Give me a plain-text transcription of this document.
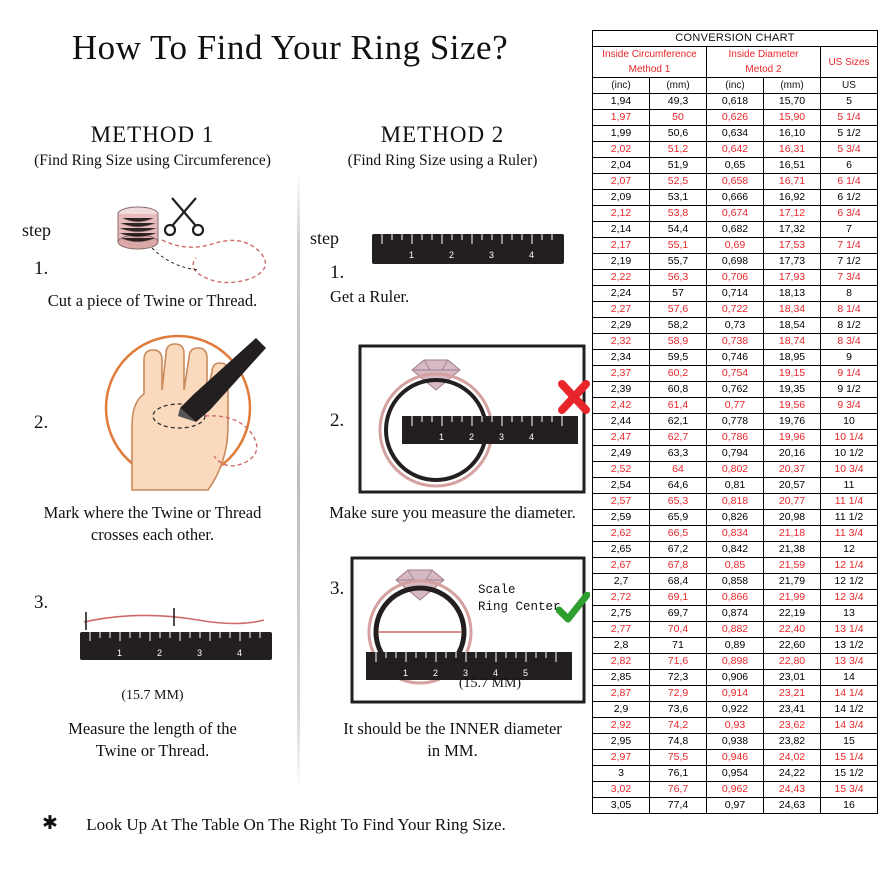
How To Find Your Ring Size?
METHOD 1
(Find Ring Size using Circumference)
METHOD 2
(Find Ring Size using a Ruler)
step
1.
Cut a piece of Twine or Thread.
2.
Mark where the Twine or Thread
crosses each other.
3.
1	2	3	4
(15.7 MM)
Measure the length of the
Twine or Thread.
step
1.
1	2	3	4
Get a Ruler.
2.
1	2	3	4
Make sure you measure the diameter.
3.
1	2	3	4	5
Scale
Ring Center
(15.7 MM)
It should be the INNER diameter
in MM.
✱	Look Up At The Table On The Right To Find Your Ring Size.
CONVERSION CHART				

Inside Circumference
Method 1		Inside Diameter
Metod 2		US Sizes

(inc)	(mm)	(inc)	(mm)	US
1,94	49,3	0,618	15,70	5
1,97	50	0,626	15,90	5 1/4
1,99	50,6	0,634	16,10	5 1/2
2,02	51,2	0,642	16,31	5 3/4
2,04	51,9	0,65	16,51	6
2,07	52,5	0,658	16,71	6 1/4
2,09	53,1	0,666	16,92	6 1/2
2,12	53,8	0,674	17,12	6 3/4
2,14	54,4	0,682	17,32	7
2,17	55,1	0,69	17,53	7 1/4
2,19	55,7	0,698	17,73	7 1/2
2,22	56,3	0,706	17,93	7 3/4
2,24	57	0,714	18,13	8
2,27	57,6	0,722	18,34	8 1/4
2,29	58,2	0,73	18,54	8 1/2
2,32	58,9	0,738	18,74	8 3/4
2,34	59,5	0,746	18,95	9
2,37	60,2	0,754	19,15	9 1/4
2,39	60,8	0,762	19,35	9 1/2
2,42	61,4	0,77	19,56	9 3/4
2,44	62,1	0,778	19,76	10
2,47	62,7	0,786	19,96	10 1/4
2,49	63,3	0,794	20,16	10 1/2
2,52	64	0,802	20,37	10 3/4
2,54	64,6	0,81	20,57	11
2,57	65,3	0,818	20,77	11 1/4
2,59	65,9	0,826	20,98	11 1/2
2,62	66,5	0,834	21,18	11 3/4
2,65	67,2	0,842	21,38	12
2,67	67,8	0,85	21,59	12 1/4
2,7	68,4	0,858	21,79	12 1/2
2,72	69,1	0,866	21,99	12 3/4
2,75	69,7	0,874	22,19	13
2,77	70,4	0,882	22,40	13 1/4
2,8	71	0,89	22,60	13 1/2
2,82	71,6	0,898	22,80	13 3/4
2,85	72,3	0,906	23,01	14
2,87	72,9	0,914	23,21	14 1/4
2,9	73,6	0,922	23,41	14 1/2
2,92	74,2	0,93	23,62	14 3/4
2,95	74,8	0,938	23,82	15
2,97	75,5	0,946	24,02	15 1/4
3	76,1	0,954	24,22	15 1/2
3,02	76,7	0,962	24,43	15 3/4
3,05	77,4	0,97	24,63	16
